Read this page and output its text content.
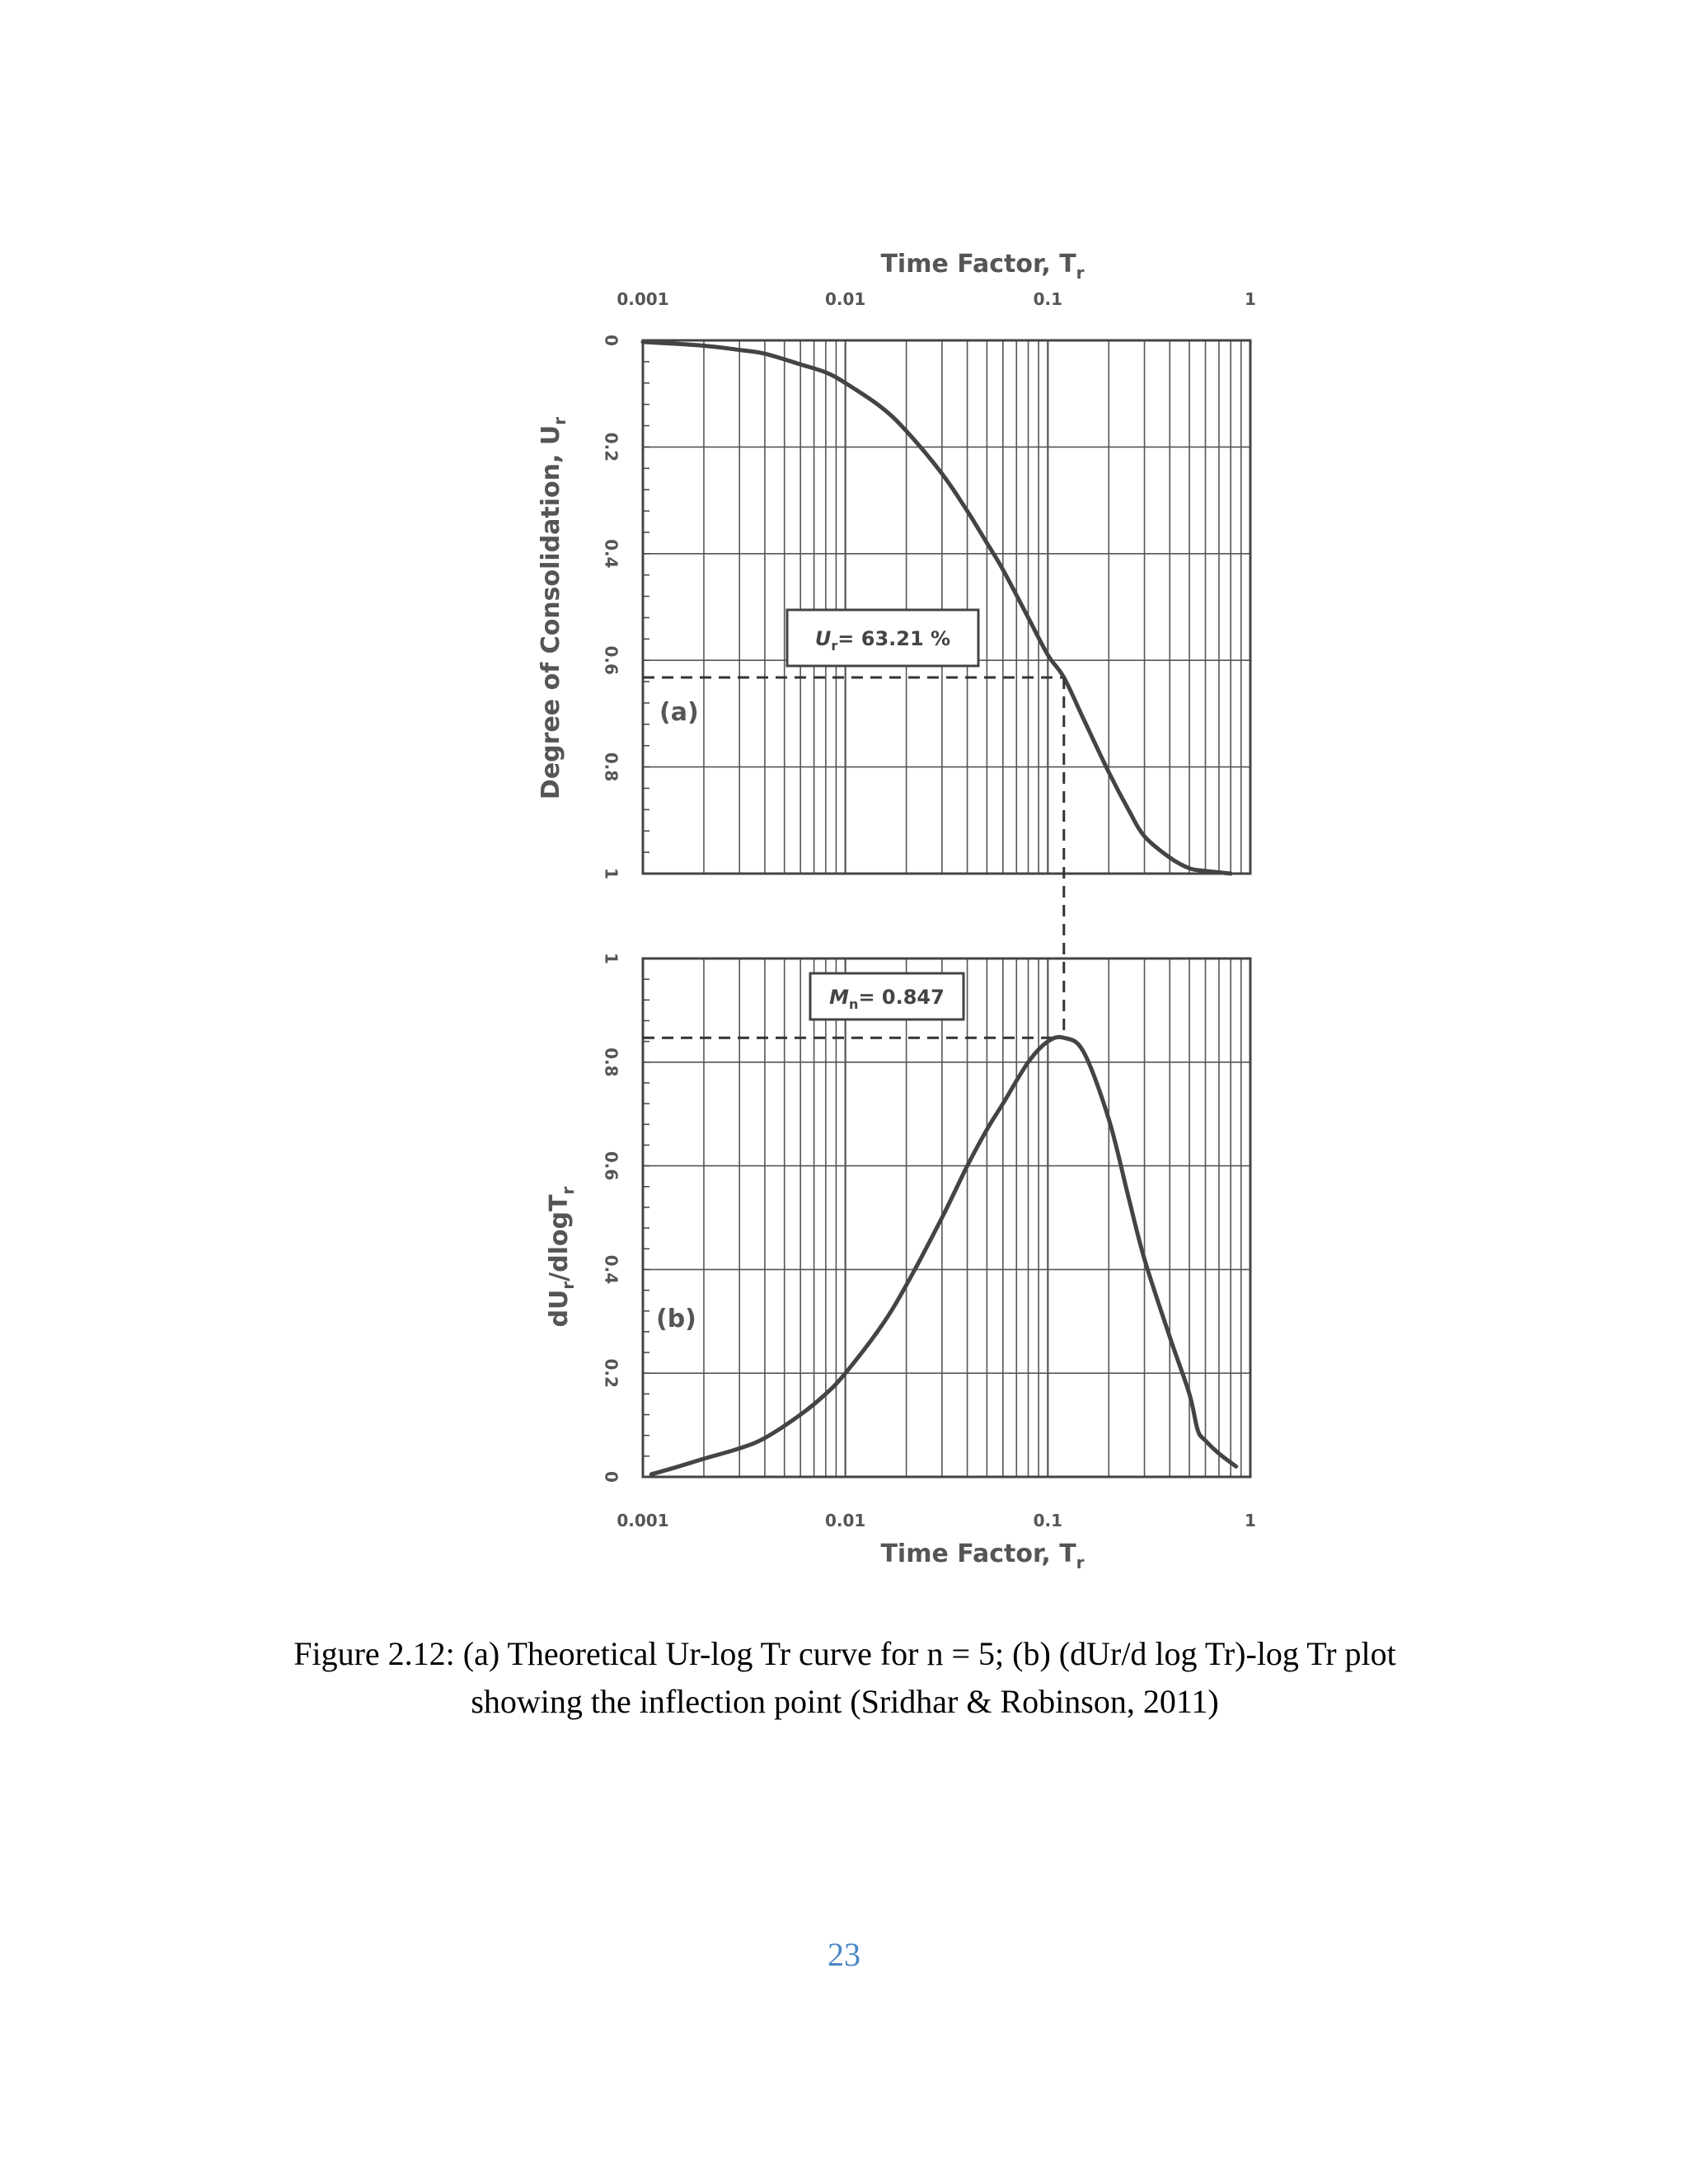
Time Factor, $T_r$
0
0.2
0.4
0.6
0.8
1
0.001	0.01	0.1	1
0
0.2
0.4
0.6
0.8
1
0.001	0.01	0.1	1
Degree of Consolidation, $U_r$
$dU_r/dlogT_r$
Time Factor, $T_r$
(a)
(b)
$U_r= 63.21$ %
$M_n= 0.847$
Figure 2.12: (a) Theoretical Ur-log Tr curve for n = 5; (b) (dUr/d log Tr)-log Tr plot
showing the inflection point (Sridhar & Robinson, 2011)
23
